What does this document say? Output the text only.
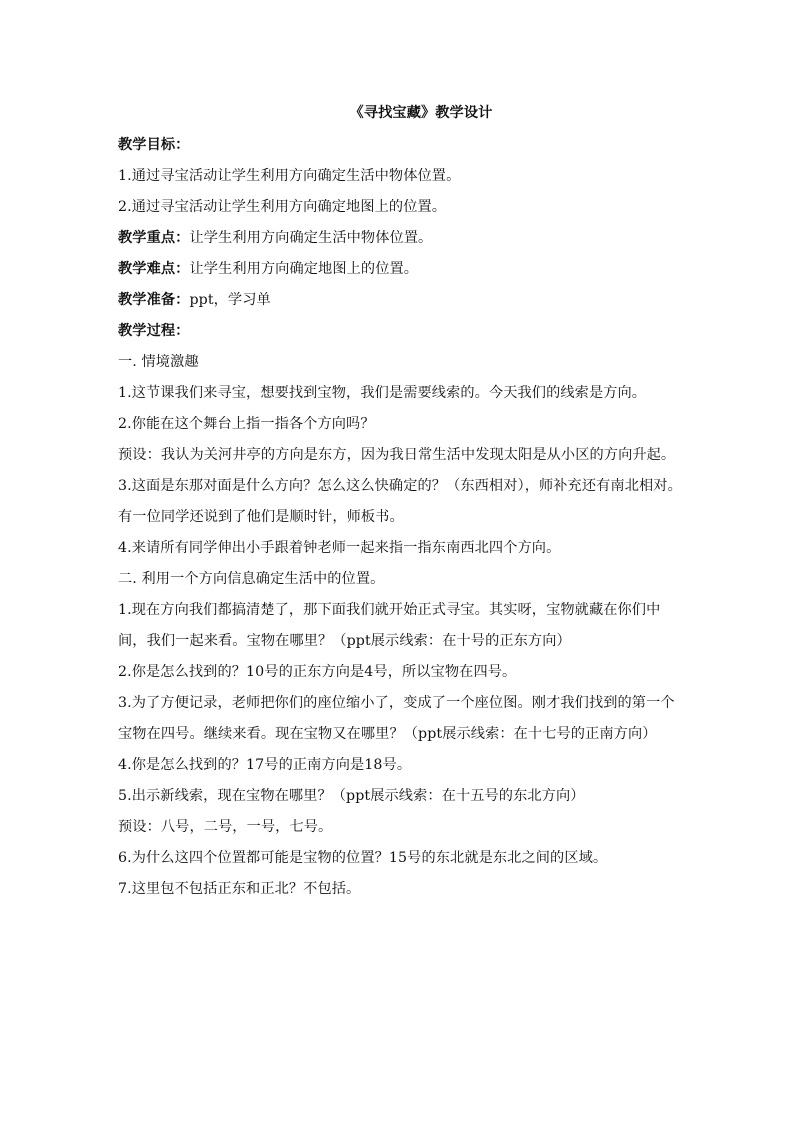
《寻找宝藏》教学设计
教学目标：
1.通过寻宝活动让学生利用方向确定生活中物体位置。
2.通过寻宝活动让学生利用方向确定地图上的位置。
教学重点：让学生利用方向确定生活中物体位置。
教学难点：让学生利用方向确定地图上的位置。
教学准备：ppt，学习单
教学过程：
一. 情境激趣
1.这节课我们来寻宝，想要找到宝物，我们是需要线索的。今天我们的线索是方向。
2.你能在这个舞台上指一指各个方向吗？
预设：我认为关河井亭的方向是东方，因为我日常生活中发现太阳是从小区的方向升起。
3.这面是东那对面是什么方向？怎么这么快确定的？（东西相对），师补充还有南北相对。有一位同学还说到了他们是顺时针，师板书。
4.来请所有同学伸出小手跟着钟老师一起来指一指东南西北四个方向。
二. 利用一个方向信息确定生活中的位置。
1.现在方向我们都搞清楚了，那下面我们就开始正式寻宝。其实呀，宝物就藏在你们中间，我们一起来看。宝物在哪里？（ppt展示线索：在十号的正东方向）
2.你是怎么找到的？10号的正东方向是4号，所以宝物在四号。
3.为了方便记录，老师把你们的座位缩小了，变成了一个座位图。刚才我们找到的第一个宝物在四号。继续来看。现在宝物又在哪里？（ppt展示线索：在十七号的正南方向）
4.你是怎么找到的？17号的正南方向是18号。
5.出示新线索，现在宝物在哪里？（ppt展示线索：在十五号的东北方向）
预设：八号，二号，一号，七号。
6.为什么这四个位置都可能是宝物的位置？15号的东北就是东北之间的区域。
7.这里包不包括正东和正北？不包括。
